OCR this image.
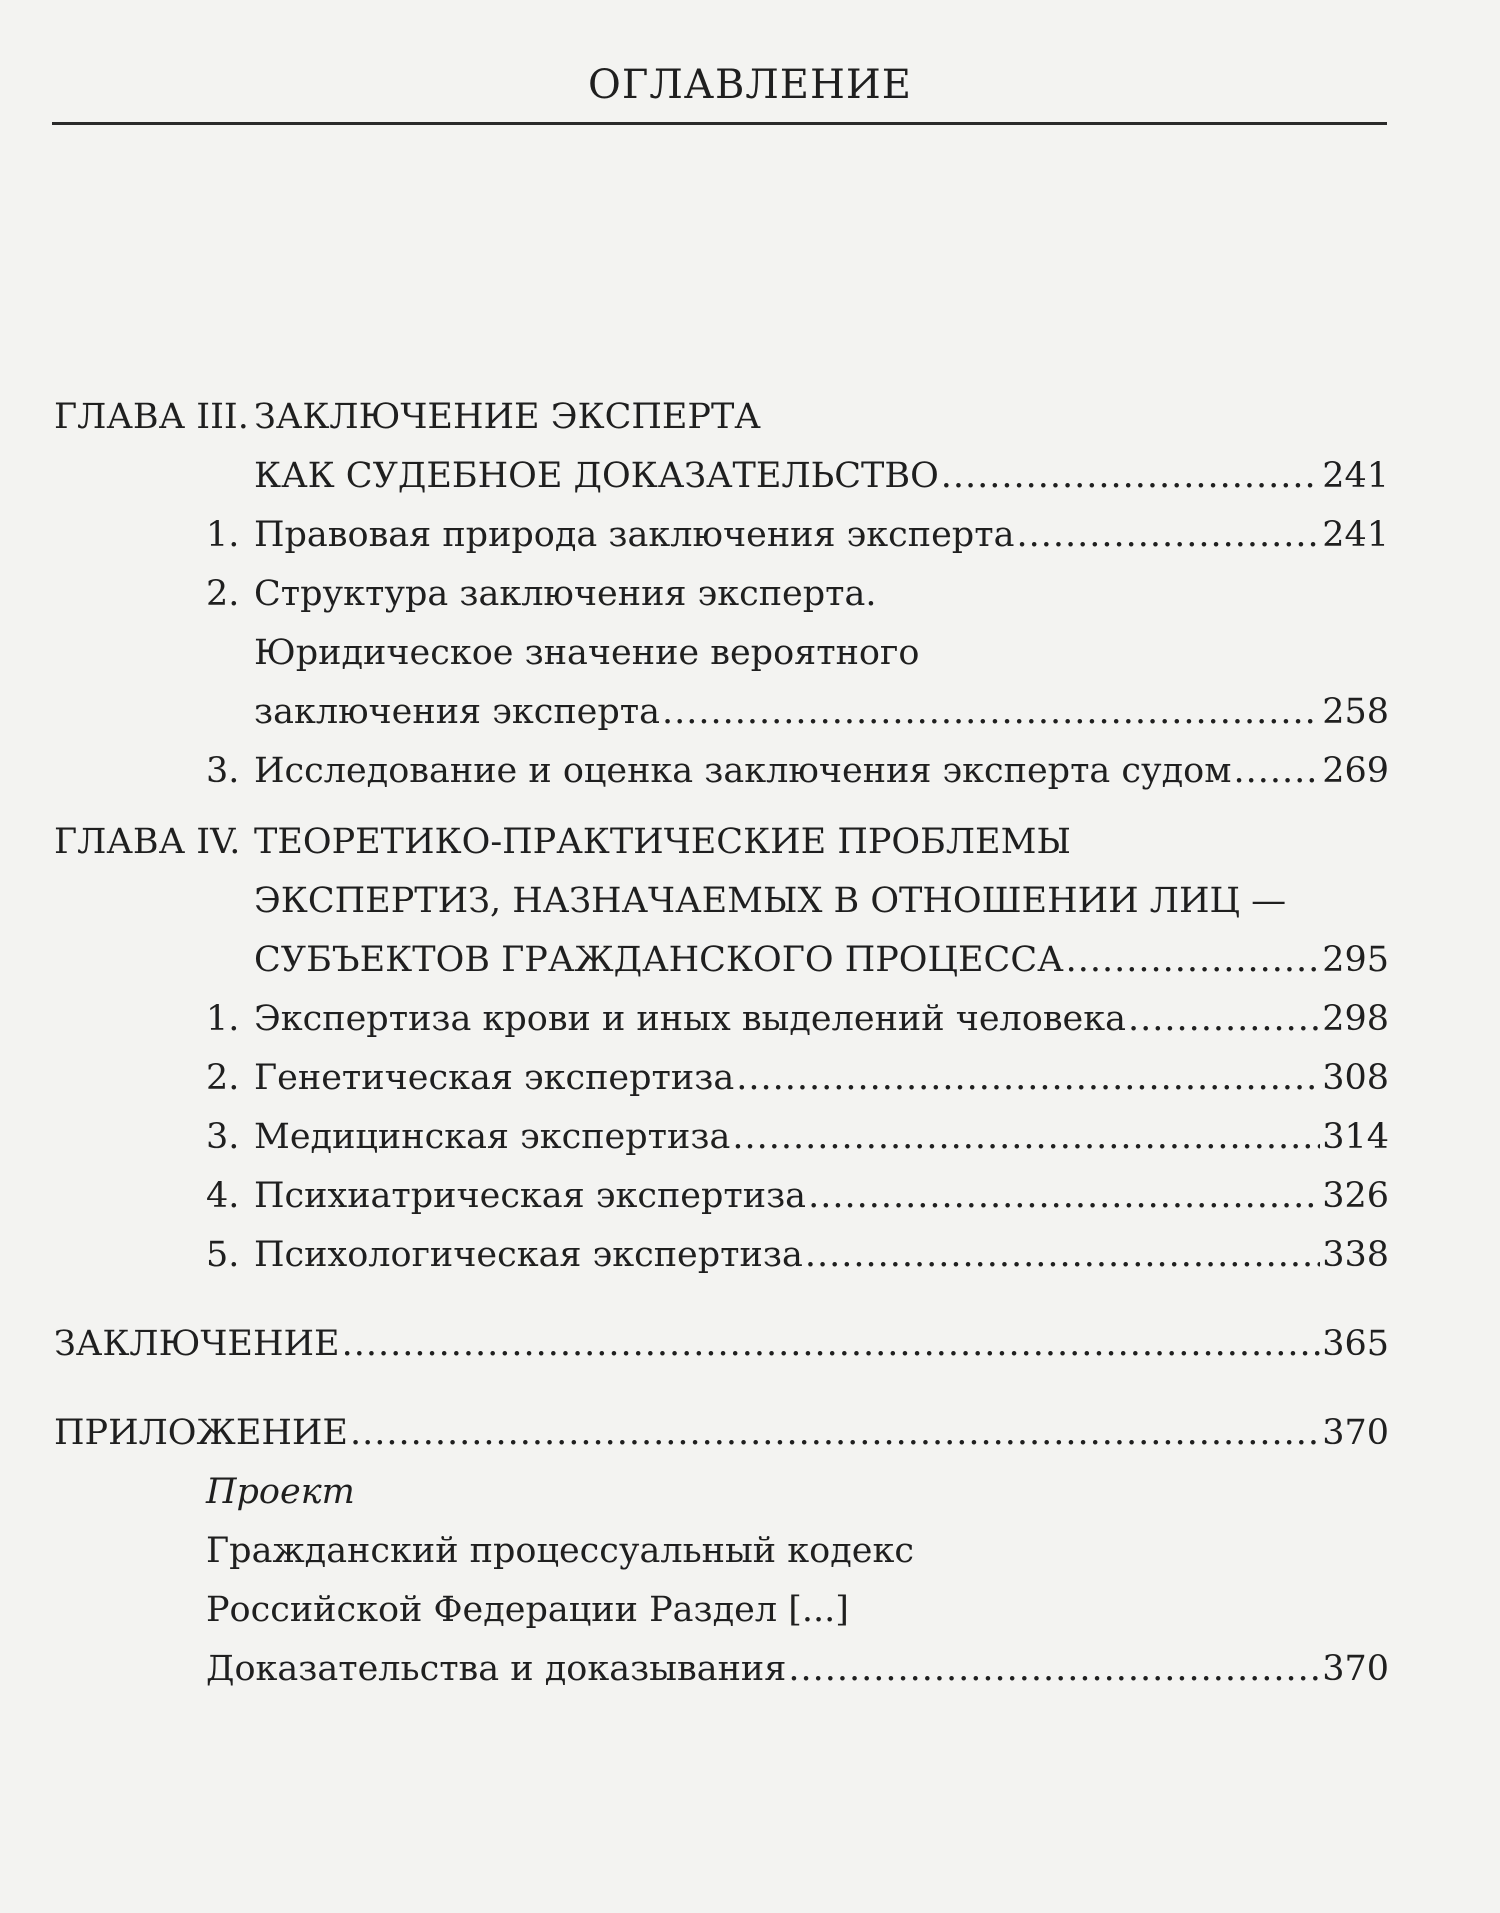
ОГЛАВЛЕНИЕ
ГЛАВА III. ЗАКЛЮЧЕНИЕ ЭКСПЕРТА
КАК СУДЕБНОЕ ДОКАЗАТЕЛЬСТВО .....	241
1. Правовая природа заключения эксперта .....	241
2. Структура заключения эксперта.
Юридическое значение вероятного
заключения эксперта .....	258
3. Исследование и оценка заключения эксперта судом .....	269
ГЛАВА IV. ТЕОРЕТИКО-ПРАКТИЧЕСКИЕ ПРОБЛЕМЫ
ЭКСПЕРТИЗ, НАЗНАЧАЕМЫХ В ОТНОШЕНИИ ЛИЦ —
СУБЪЕКТОВ ГРАЖДАНСКОГО ПРОЦЕССА .....	295
1. Экспертиза крови и иных выделений человека .....	298
2. Генетическая экспертиза .....	308
3. Медицинская экспертиза .....	314
4. Психиатрическая экспертиза .....	326
5. Психологическая экспертиза .....	338
ЗАКЛЮЧЕНИЕ .....	365
ПРИЛОЖЕНИЕ .....	370
Проект
Гражданский процессуальный кодекс
Российской Федерации Раздел [...]
Доказательства и доказывания .....	370
